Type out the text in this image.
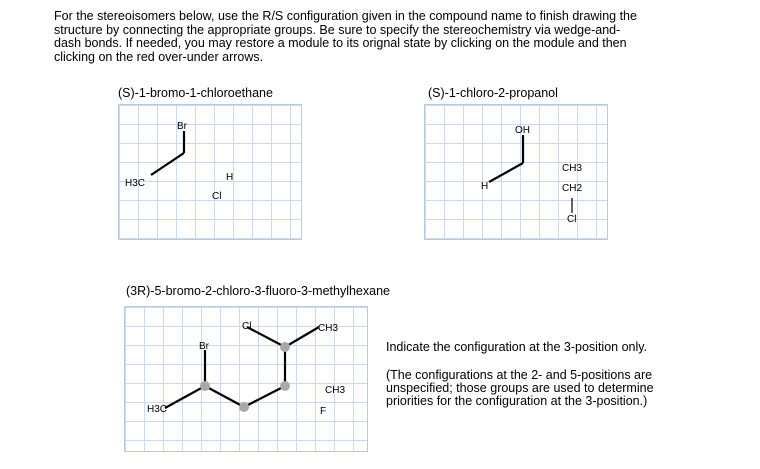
For the stereoisomers below, use the R/S configuration given in the compound name to finish drawing the
structure by connecting the appropriate groups. Be sure to specify the stereochemistry via wedge-and-
dash bonds. If needed, you may restore a module to its orignal state by clicking on the module and then
clicking on the red over-under arrows.
(S)-1-bromo-1-chloroethane
Br
H3C
H
Cl
(S)-1-chloro-2-propanol
OH
H
CH3
CH2
Cl
(3R)-5-bromo-2-chloro-3-fluoro-3-methylhexane
Cl	CH3
Br
CH3
F
H3C
Indicate the configuration at the 3-position only.
(The configurations at the 2- and 5-positions are
unspecified; those groups are used to determine
priorities for the configuration at the 3-position.)
